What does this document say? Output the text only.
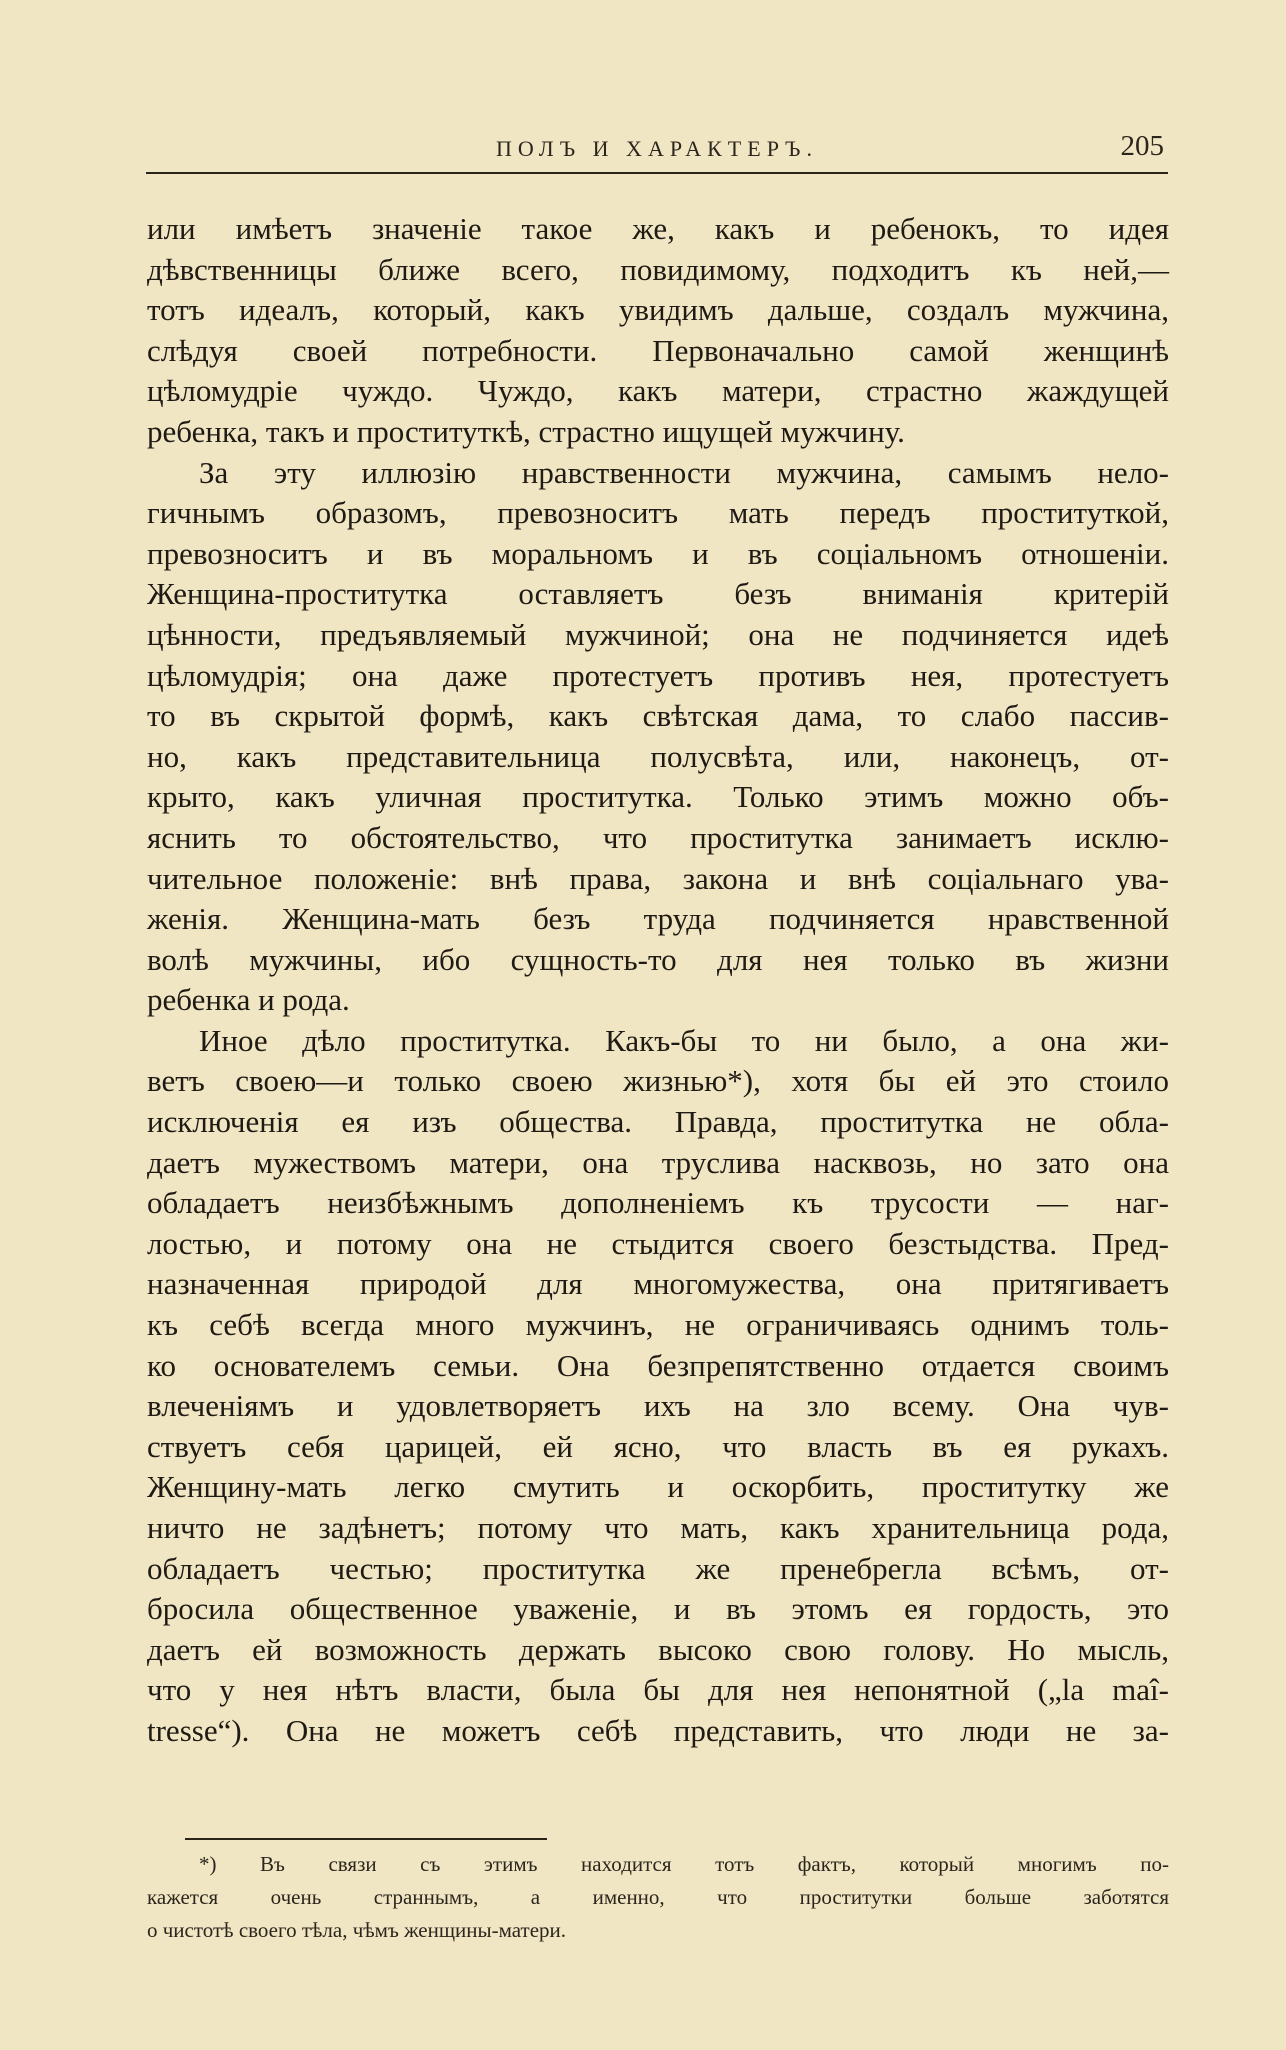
ПОЛЪ И ХАРАКТЕРЪ.	205
или имѣетъ значеніе такое же, какъ и ребенокъ, то идея
дѣвственницы ближе всего, повидимому, подходитъ къ ней,—
тотъ идеалъ, который, какъ увидимъ дальше, создалъ мужчина,
слѣдуя своей потребности. Первоначально самой женщинѣ
цѣломудріе чуждо. Чуждо, какъ матери, страстно жаждущей
ребенка, такъ и проституткѣ, страстно ищущей мужчину.
За эту иллюзію нравственности мужчина, самымъ нело-
гичнымъ образомъ, превозноситъ мать передъ проституткой,
превозноситъ и въ моральномъ и въ соціальномъ отношеніи.
Женщина-проститутка оставляетъ безъ вниманія критерій
цѣнности, предъявляемый мужчиной; она не подчиняется идеѣ
цѣломудрія; она даже протестуетъ противъ нея, протестуетъ
то въ скрытой формѣ, какъ свѣтская дама, то слабо пассив-
но, какъ представительница полусвѣта, или, наконецъ, от-
крыто, какъ уличная проститутка. Только этимъ можно объ-
яснить то обстоятельство, что проститутка занимаетъ исклю-
чительное положеніе: внѣ права, закона и внѣ соціальнаго ува-
женія. Женщина-мать безъ труда подчиняется нравственной
волѣ мужчины, ибо сущность-то для нея только въ жизни
ребенка и рода.
Иное дѣло проститутка. Какъ-бы то ни было, а она жи-
ветъ своею—и только своею жизнью*), хотя бы ей это стоило
исключенія ея изъ общества. Правда, проститутка не обла-
даетъ мужествомъ матери, она труслива насквозь, но зато она
обладаетъ неизбѣжнымъ дополненіемъ къ трусости — наг-
лостью, и потому она не стыдится своего безстыдства. Пред-
назначенная природой для многомужества, она притягиваетъ
къ себѣ всегда много мужчинъ, не ограничиваясь однимъ толь-
ко основателемъ семьи. Она безпрепятственно отдается своимъ
влеченіямъ и удовлетворяетъ ихъ на зло всему. Она чув-
ствуетъ себя царицей, ей ясно, что власть въ ея рукахъ.
Женщину-мать легко смутить и оскорбить, проститутку же
ничто не задѣнетъ; потому что мать, какъ хранительница рода,
обладаетъ честью; проститутка же пренебрегла всѣмъ, от-
бросила общественное уваженіе, и въ этомъ ея гордость, это
даетъ ей возможность держать высоко свою голову. Но мысль,
что у нея нѣтъ власти, была бы для нея непонятной („la maî-
tresse“). Она не можетъ себѣ представить, что люди не за-
*) Въ связи съ этимъ находится тотъ фактъ, который многимъ по-
кажется очень страннымъ, а именно, что проститутки больше заботятся
о чистотѣ своего тѣла, чѣмъ женщины-матери.
